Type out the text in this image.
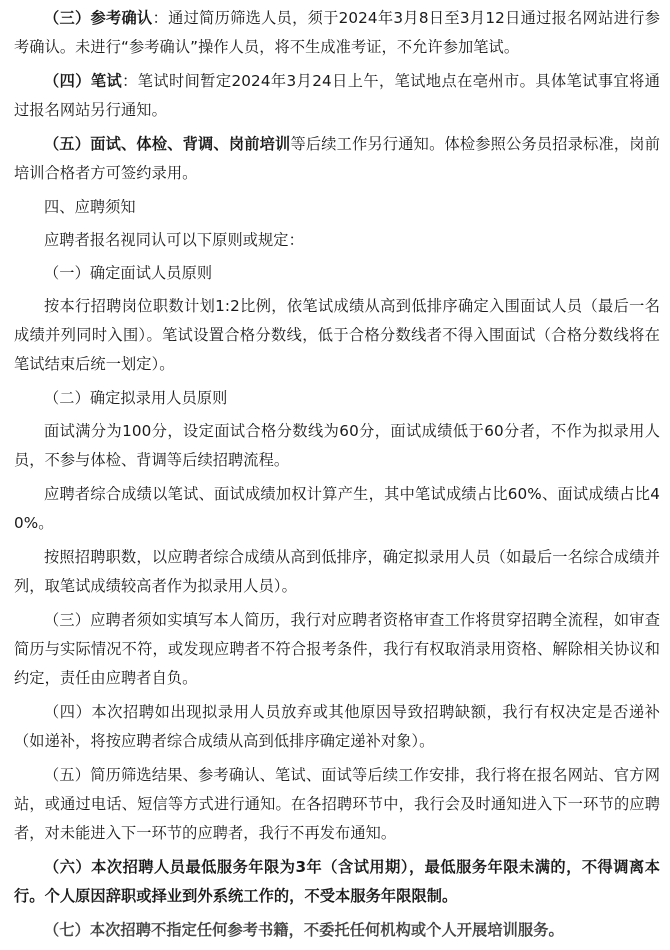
（三）参考确认：通过简历筛选人员，须于2024年3月8日至3月12日通过报名网站进行参考确认。未进行“参考确认”操作人员，将不生成准考证，不允许参加笔试。

（四）笔试：笔试时间暂定2024年3月24日上午，笔试地点在亳州市。具体笔试事宜将通过报名网站另行通知。

（五）面试、体检、背调、岗前培训等后续工作另行通知。体检参照公务员招录标准，岗前培训合格者方可签约录用。

四、应聘须知

应聘者报名视同认可以下原则或规定：

（一）确定面试人员原则

按本行招聘岗位职数计划1:2比例，依笔试成绩从高到低排序确定入围面试人员（最后一名成绩并列同时入围）。笔试设置合格分数线，低于合格分数线者不得入围面试（合格分数线将在笔试结束后统一划定）。

（二）确定拟录用人员原则

面试满分为100分，设定面试合格分数线为60分，面试成绩低于60分者，不作为拟录用人员，不参与体检、背调等后续招聘流程。

应聘者综合成绩以笔试、面试成绩加权计算产生，其中笔试成绩占比60%、面试成绩占比40%。

按照招聘职数，以应聘者综合成绩从高到低排序，确定拟录用人员（如最后一名综合成绩并列，取笔试成绩较高者作为拟录用人员）。

（三）应聘者须如实填写本人简历，我行对应聘者资格审查工作将贯穿招聘全流程，如审查简历与实际情况不符，或发现应聘者不符合报考条件，我行有权取消录用资格、解除相关协议和约定，责任由应聘者自负。

（四）本次招聘如出现拟录用人员放弃或其他原因导致招聘缺额，我行有权决定是否递补（如递补，将按应聘者综合成绩从高到低排序确定递补对象）。

（五）简历筛选结果、参考确认、笔试、面试等后续工作安排，我行将在报名网站、官方网站，或通过电话、短信等方式进行通知。在各招聘环节中，我行会及时通知进入下一环节的应聘者，对未能进入下一环节的应聘者，我行不再发布通知。

（六）本次招聘人员最低服务年限为3年（含试用期），最低服务年限未满的，不得调离本行。个人原因辞职或择业到外系统工作的，不受本服务年限限制。

（七）本次招聘不指定任何参考书籍，不委托任何机构或个人开展培训服务。
